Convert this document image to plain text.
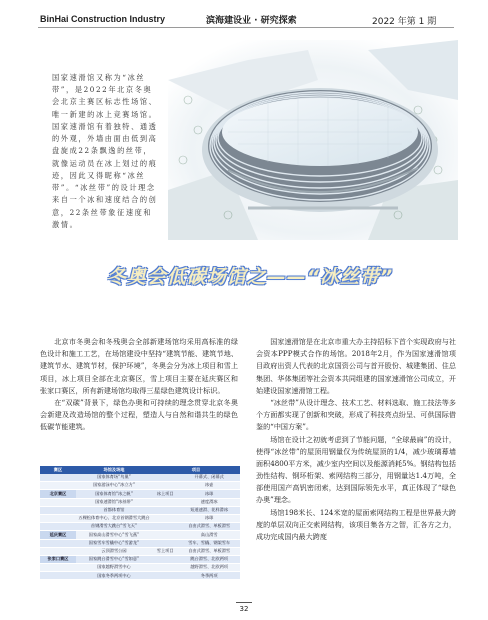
BinHai Construction Industry	滨海建设业 · 研究探索	2022 年第 1 期
国家速滑馆又称为“冰丝带”，是2022年北京冬奥会北京主赛区标志性场馆、唯一新建的冰上竞赛场馆。国家速滑馆有着独特、通透的外观，外墙由面由低到高盘旋成22条飘逸的丝带，就像运动员在冰上划过的痕迹，因此又得昵称“冰丝带”。“冰丝带”的设计理念来自一个冰和速度结合的创意，22条丝带象征速度和激情。
冬奥会低碳场馆之——“冰丝带”

北京市冬奥会和冬残奥会全部新建场馆均采用高标准的绿色设计和施工工艺，在场馆建设中坚持“建筑节能、建筑节地、建筑节水、建筑节材，保护环境”，冬奥会分为冰上项目和雪上项目，冰上项目全部在北京赛区，雪上项目主要在延庆赛区和张家口赛区，所有新建场馆均取得三星绿色建筑设计标识。

在“双碳”背景下，绿色办奥和可持续的理念贯穿北京冬奥会新建及改造场馆的整个过程，塑造人与自然和谐共生的绿色低碳节能建筑。

赛区	场馆及场地	项目	
	国家体育场“鸟巢”		开幕式、闭幕式
	国家游泳中心“冰立方”		冰壶
北京赛区	国家体育馆“冰之帆”	冰上项目	冰球
	国家速滑馆“冰丝带”		速度滑冰
	首都体育馆		短道速滑、花样滑冰
	五棵松体育中心、北京首钢滑雪大跳台		冰球
	首钢滑雪大跳台“雪飞天”		自由式滑雪、单板滑雪
延庆赛区	国家高山滑雪中心“雪飞燕”		高山滑雪
	国家雪车雪橇中心“雪游龙”		雪车、雪橇、钢架雪车
	云顶滑雪公园	雪上项目	自由式滑雪、单板滑雪
张家口赛区	国家跳台滑雪中心“雪如意”		跳台滑雪、北欧两项
	国家越野滑雪中心		越野滑雪、北欧两项
	国家冬季两项中心		冬季两项

国家速滑馆是在北京市重大办主持招标下首个实现政府与社会资本PPP模式合作的场馆。2018年2月，作为国家速滑馆项目政府出资人代表的北京国资公司与首开股份、城建集团、住总集团、华体集团等社会资本共同组建的国家速滑馆公司成立，开始建设国家速滑馆工程。

“冰丝带”从设计理念、技术工艺、材料选取、施工技法等多个方面都实现了创新和突破，形成了科技亮点纷呈、可供国际借鉴的“中国方案”。

场馆在设计之初就考虑到了节能问题，“全球最扁”的设计，使得“冰丝带”的屋顶用钢量仅为传统屋顶的1/4，减少玻璃幕墙面积4800平方米，减少室内空间以及能源消耗5%。钢结构包括劲性结构、钢环桁架、索网结构三部分，用钢量达1.4万吨，全部使用国产高钒密闭索，达到国际领先水平，真正体现了“绿色办奥”理念。

场馆198米长、124米宽的屋面索网结构工程是世界最大跨度的单层双向正交索网结构，该项目集各方之智，汇各方之力，成功完成国内最大跨度

32
